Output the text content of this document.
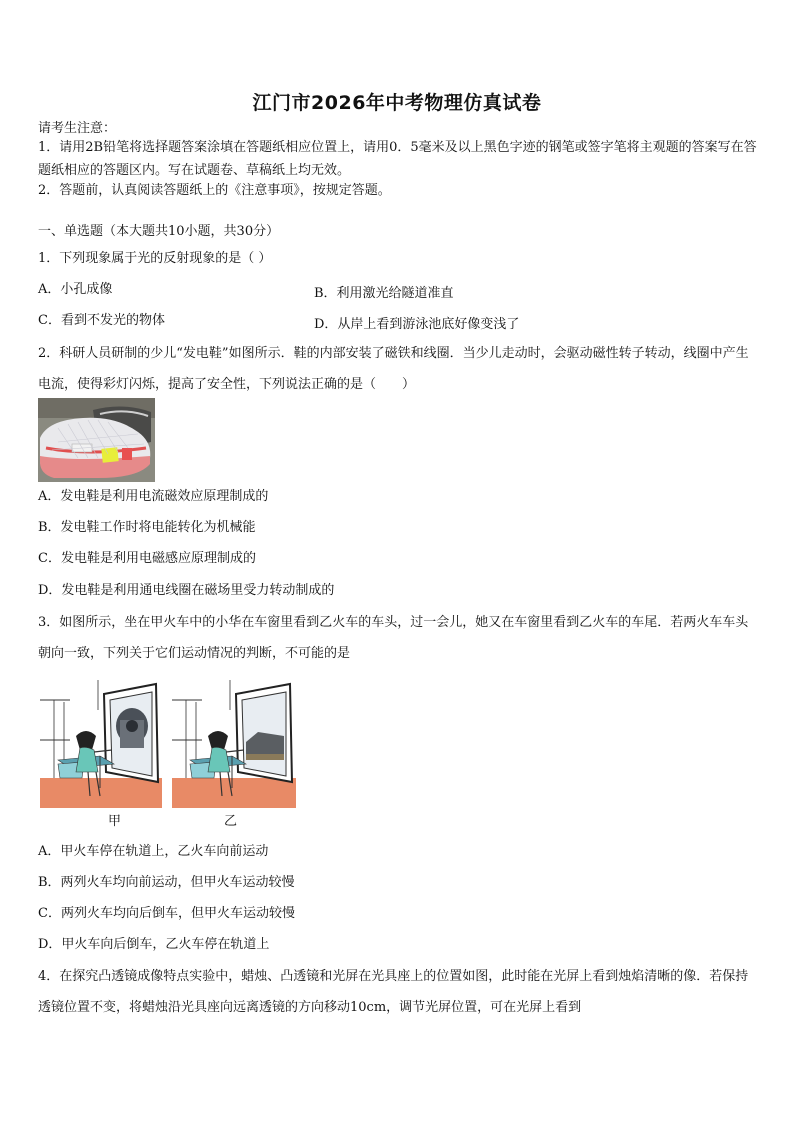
江门市2026年中考物理仿真试卷
请考生注意：
1．请用2B铅笔将选择题答案涂填在答题纸相应位置上，请用0．5毫米及以上黑色字迹的钢笔或签字笔将主观题的答案写在答题纸相应的答题区内。写在试题卷、草稿纸上均无效。
2．答题前，认真阅读答题纸上的《注意事项》，按规定答题。
一、单选题（本大题共10小题，共30分）
1．下列现象属于光的反射现象的是（ ）
A．小孔成像	B．利用激光给隧道准直
C．看到不发光的物体	D．从岸上看到游泳池底好像变浅了
2．科研人员研制的少儿“发电鞋”如图所示．鞋的内部安装了磁铁和线圈．当少儿走动时，会驱动磁性转子转动，线圈中产生电流，使得彩灯闪烁，提高了安全性，下列说法正确的是（　　）
A．发电鞋是利用电流磁效应原理制成的
B．发电鞋工作时将电能转化为机械能
C．发电鞋是利用电磁感应原理制成的
D．发电鞋是利用通电线圈在磁场里受力转动制成的
3．如图所示，坐在甲火车中的小华在车窗里看到乙火车的车头，过一会儿，她又在车窗里看到乙火车的车尾．若两火车车头朝向一致，下列关于它们运动情况的判断，不可能的是
甲	乙
A．甲火车停在轨道上，乙火车向前运动
B．两列火车均向前运动，但甲火车运动较慢
C．两列火车均向后倒车，但甲火车运动较慢
D．甲火车向后倒车，乙火车停在轨道上
4．在探究凸透镜成像特点实验中，蜡烛、凸透镜和光屏在光具座上的位置如图，此时能在光屏上看到烛焰清晰的像．若保持透镜位置不变，将蜡烛沿光具座向远离透镜的方向移动10cm，调节光屏位置，可在光屏上看到
